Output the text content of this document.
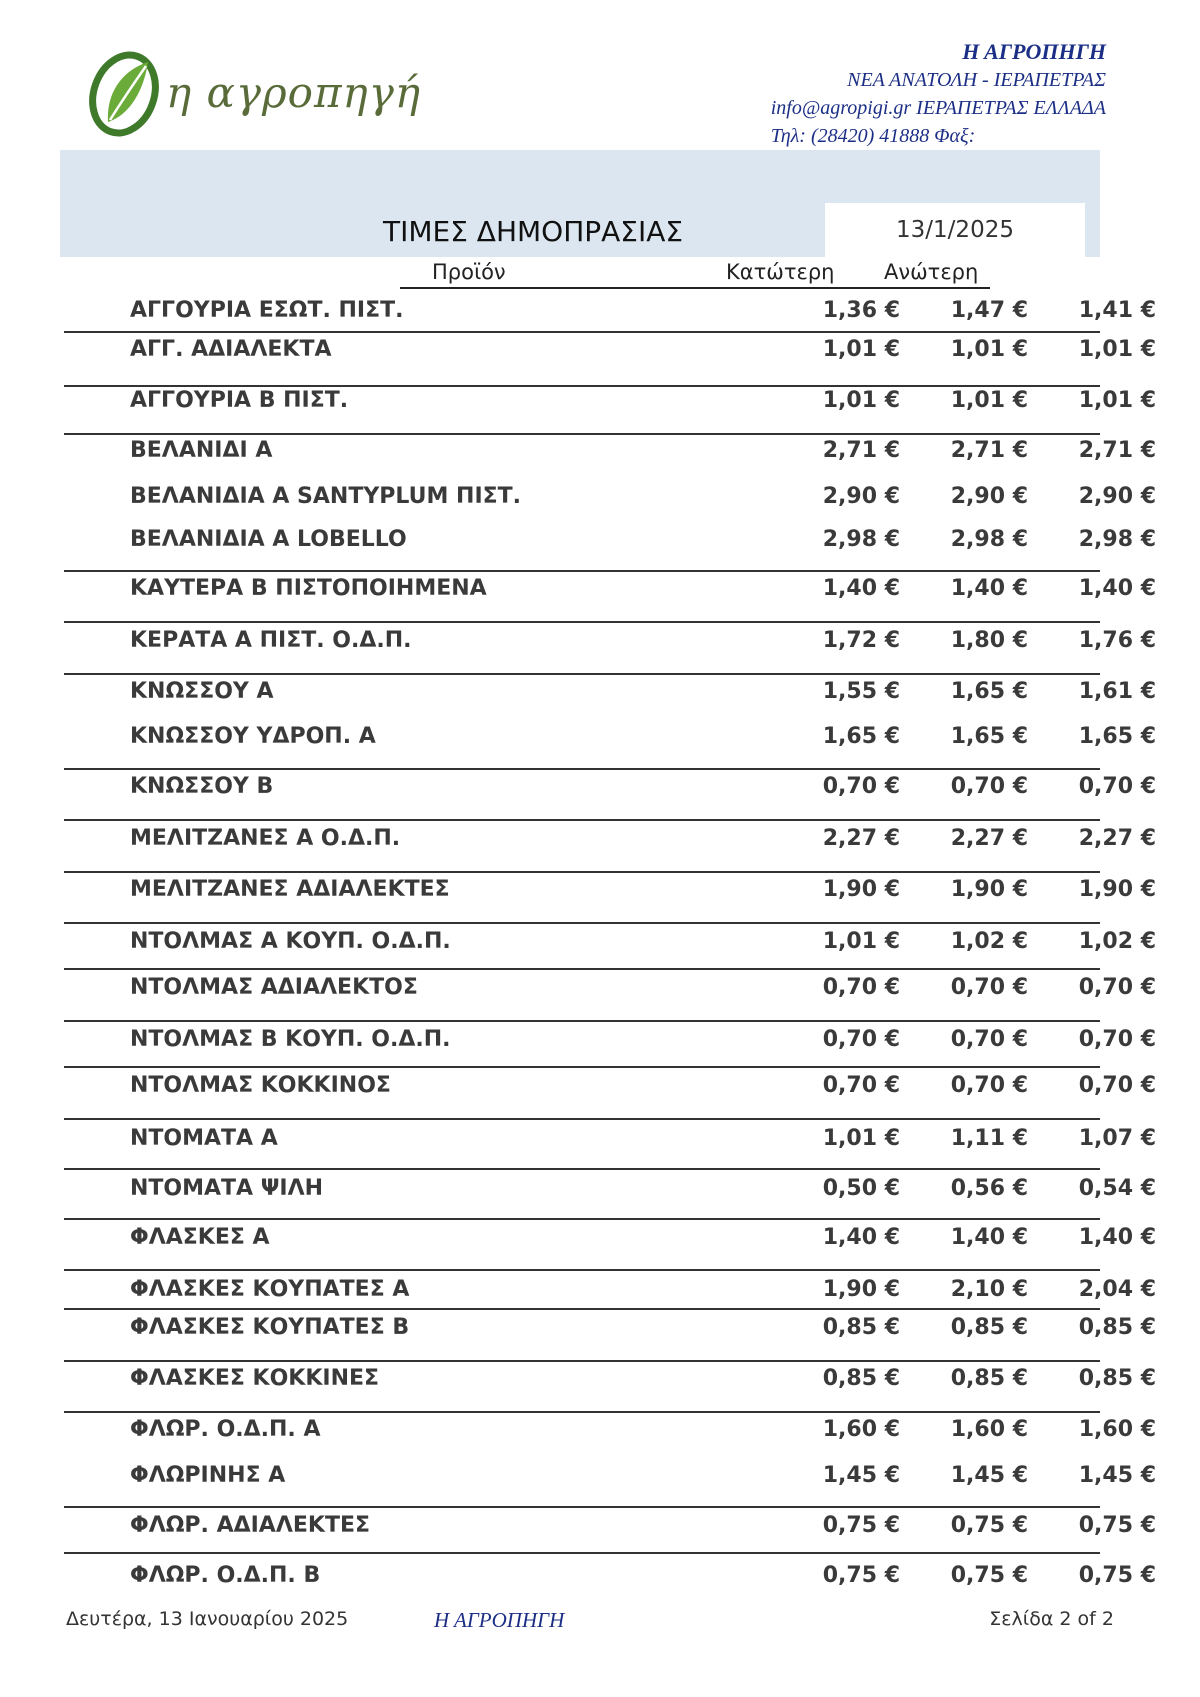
η αγροπηγή
Η ΑΓΡΟΠΗΓΗ
ΝΕΑ ΑΝΑΤΟΛΗ - ΙΕΡΑΠΕΤΡΑΣ
info@agropigi.gr ΙΕΡΑΠΕΤΡΑΣ ΕΛΛΑΔΑ
Τηλ: (28420) 41888 Φαξ:
ΤΙΜΕΣ ΔΗΜΟΠΡΑΣΙΑΣ	13/1/2025
Προϊόν	Κατώτερη Ανώτερη
ΑΓΓΟΥΡΙΑ ΕΣΩΤ. ΠΙΣΤ.	1,36 €	1,47 €	1,41 €
ΑΓΓ. ΑΔΙΑΛΕΚΤΑ	1,01 €	1,01 €	1,01 €
ΑΓΓΟΥΡΙΑ Β ΠΙΣΤ.	1,01 €	1,01 €	1,01 €
ΒΕΛΑΝΙΔΙ Α	2,71 €	2,71 €	2,71 €
ΒΕΛΑΝΙΔΙΑ Α SANTYPLUM ΠΙΣΤ.	2,90 €	2,90 €	2,90 €
ΒΕΛΑΝΙΔΙΑ Α LOBELLO	2,98 €	2,98 €	2,98 €
ΚΑΥΤΕΡΑ Β ΠΙΣΤΟΠΟΙΗΜΕΝΑ	1,40 €	1,40 €	1,40 €
ΚΕΡΑΤΑ Α ΠΙΣΤ. Ο.Δ.Π.	1,72 €	1,80 €	1,76 €
ΚΝΩΣΣΟΥ Α	1,55 €	1,65 €	1,61 €
ΚΝΩΣΣΟΥ ΥΔΡΟΠ. Α	1,65 €	1,65 €	1,65 €
ΚΝΩΣΣΟΥ Β	0,70 €	0,70 €	0,70 €
ΜΕΛΙΤΖΑΝΕΣ Α Ο.Δ.Π.	2,27 €	2,27 €	2,27 €
ΜΕΛΙΤΖΑΝΕΣ ΑΔΙΑΛΕΚΤΕΣ	1,90 €	1,90 €	1,90 €
ΝΤΟΛΜΑΣ Α ΚΟΥΠ. Ο.Δ.Π.	1,01 €	1,02 €	1,02 €
ΝΤΟΛΜΑΣ ΑΔΙΑΛΕΚΤΟΣ	0,70 €	0,70 €	0,70 €
ΝΤΟΛΜΑΣ Β ΚΟΥΠ. Ο.Δ.Π.	0,70 €	0,70 €	0,70 €
ΝΤΟΛΜΑΣ ΚΟΚΚΙΝΟΣ	0,70 €	0,70 €	0,70 €
ΝΤΟΜΑΤΑ Α	1,01 €	1,11 €	1,07 €
ΝΤΟΜΑΤΑ ΨΙΛΗ	0,50 €	0,56 €	0,54 €
ΦΛΑΣΚΕΣ Α	1,40 €	1,40 €	1,40 €
ΦΛΑΣΚΕΣ ΚΟΥΠΑΤΕΣ Α	1,90 €	2,10 €	2,04 €
ΦΛΑΣΚΕΣ ΚΟΥΠΑΤΕΣ Β	0,85 €	0,85 €	0,85 €
ΦΛΑΣΚΕΣ ΚΟΚΚΙΝΕΣ	0,85 €	0,85 €	0,85 €
ΦΛΩΡ. Ο.Δ.Π. Α	1,60 €	1,60 €	1,60 €
ΦΛΩΡΙΝΗΣ Α	1,45 €	1,45 €	1,45 €
ΦΛΩΡ. ΑΔΙΑΛΕΚΤΕΣ	0,75 €	0,75 €	0,75 €
ΦΛΩΡ. Ο.Δ.Π. Β	0,75 €	0,75 €	0,75 €
Δευτέρα, 13 Ιανουαρίου 2025	Η ΑΓΡΟΠΗΓΗ	Σελίδα 2 of 2
